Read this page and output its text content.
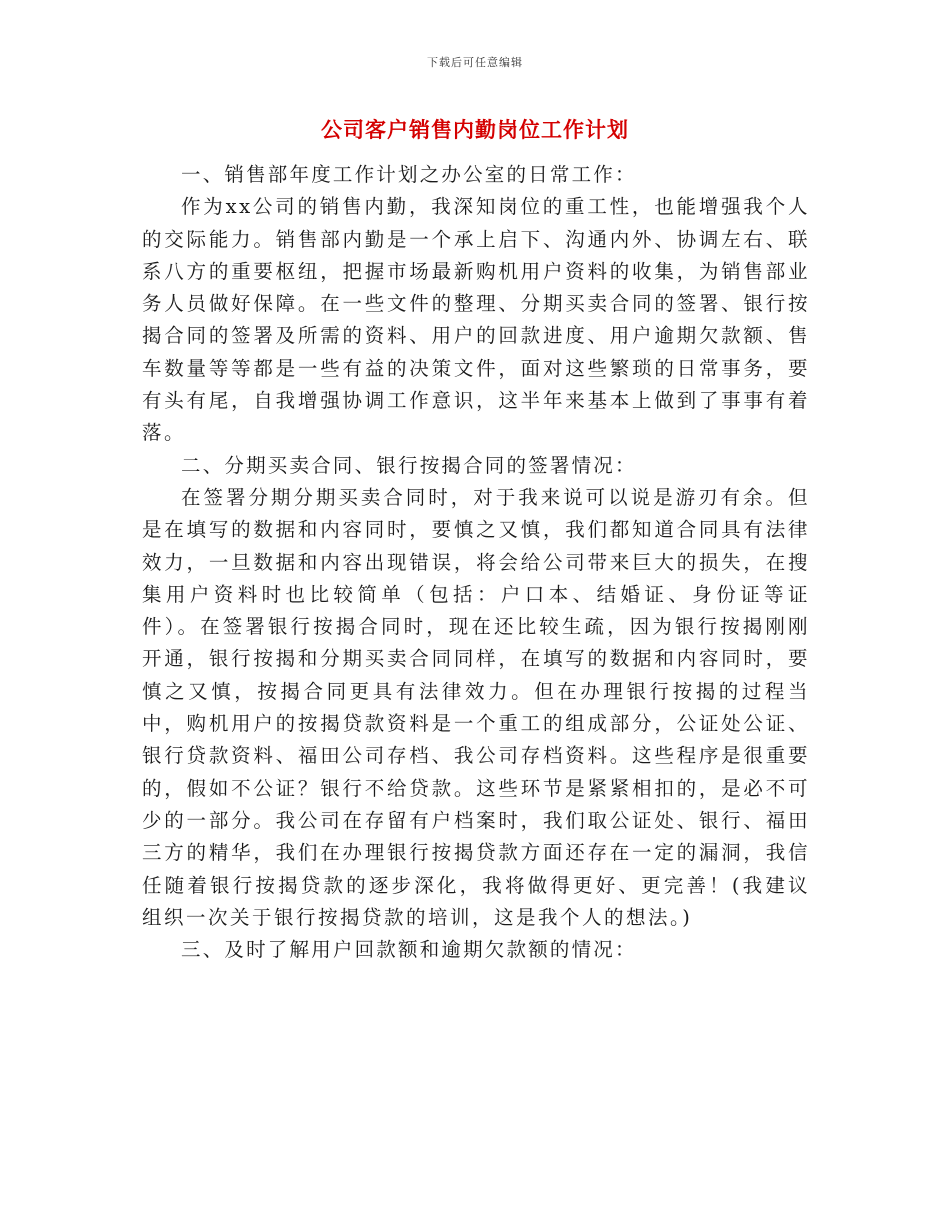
下载后可任意编辑
公司客户销售内勤岗位工作计划

一、销售部年度工作计划之办公室的日常工作：

作为xx公司的销售内勤，我深知岗位的重工性，也能增强我个人的交际能力。销售部内勤是一个承上启下、沟通内外、协调左右、联系八方的重要枢纽，把握市场最新购机用户资料的收集，为销售部业务人员做好保障。在一些文件的整理、分期买卖合同的签署、银行按揭合同的签署及所需的资料、用户的回款进度、用户逾期欠款额、售车数量等等都是一些有益的决策文件，面对这些繁琐的日常事务，要有头有尾，自我增强协调工作意识，这半年来基本上做到了事事有着落。

二、分期买卖合同、银行按揭合同的签署情况：

在签署分期分期买卖合同时，对于我来说可以说是游刃有余。但是在填写的数据和内容同时，要慎之又慎，我们都知道合同具有法律效力，一旦数据和内容出现错误，将会给公司带来巨大的损失，在搜集用户资料时也比较简单（包括：户口本、结婚证、身份证等证件）。在签署银行按揭合同时，现在还比较生疏，因为银行按揭刚刚开通，银行按揭和分期买卖合同同样，在填写的数据和内容同时，要慎之又慎，按揭合同更具有法律效力。但在办理银行按揭的过程当中，购机用户的按揭贷款资料是一个重工的组成部分，公证处公证、银行贷款资料、福田公司存档、我公司存档资料。这些程序是很重要的，假如不公证？银行不给贷款。这些环节是紧紧相扣的，是必不可少的一部分。我公司在存留有户档案时，我们取公证处、银行、福田三方的精华，我们在办理银行按揭贷款方面还存在一定的漏洞，我信任随着银行按揭贷款的逐步深化，我将做得更好、更完善！(我建议组织一次关于银行按揭贷款的培训，这是我个人的想法。)

三、及时了解用户回款额和逾期欠款额的情况：
